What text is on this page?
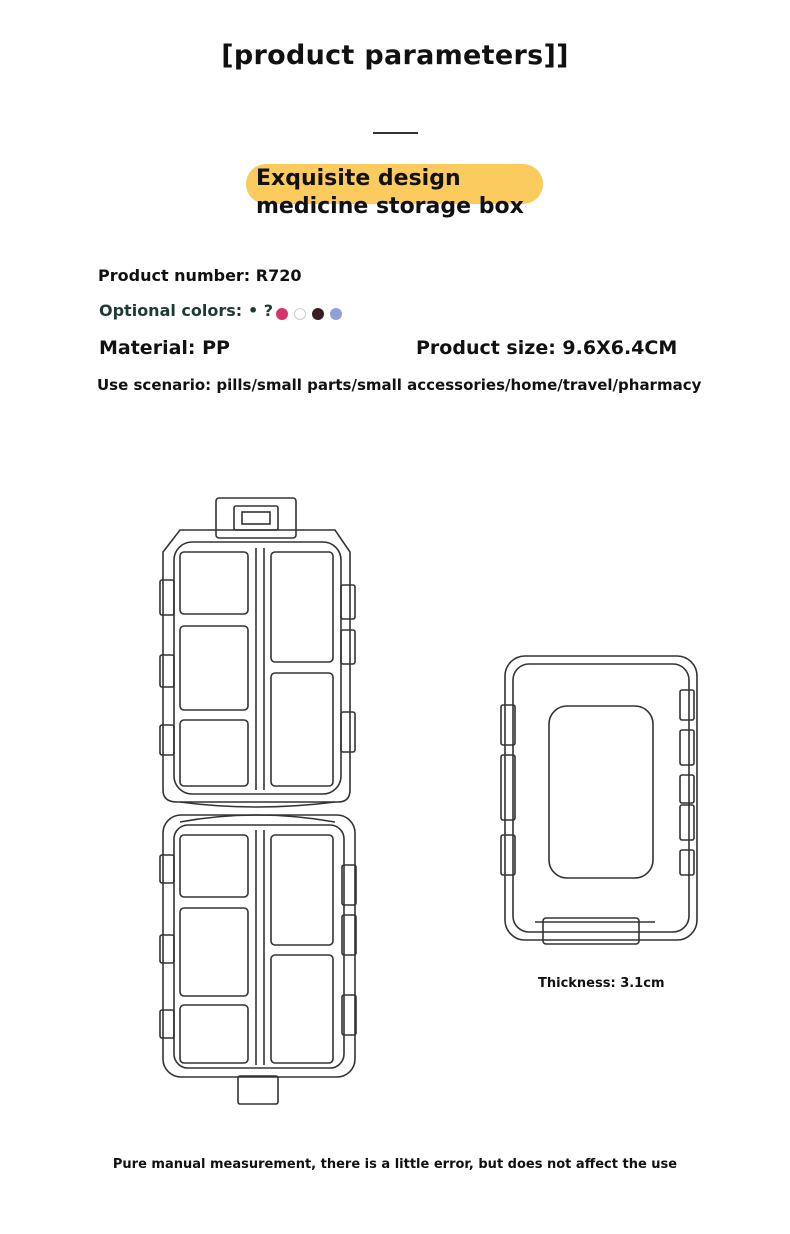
[product parameters]]
Exquisite design
medicine storage box
Product number: R720
Optional colors: • ?
Material: PP	Product size: 9.6X6.4CM
Use scenario: pills/small parts/small accessories/home/travel/pharmacy
Thickness: 3.1cm
Pure manual measurement, there is a little error, but does not affect the use
